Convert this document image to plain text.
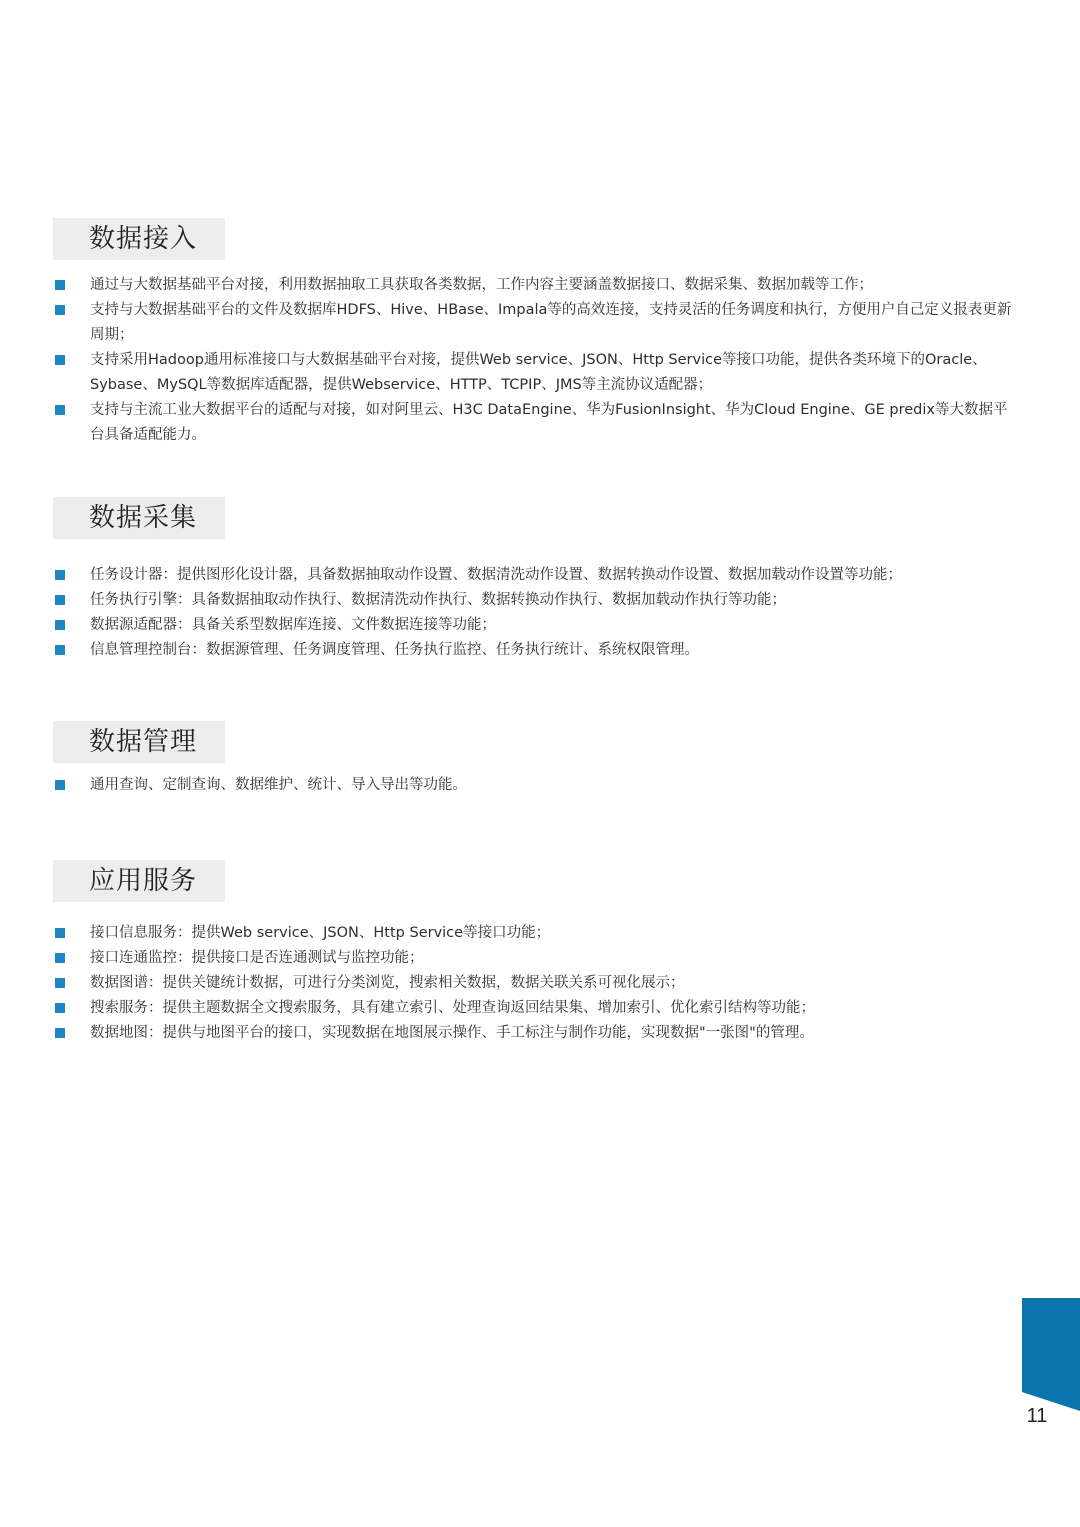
数据接入
通过与大数据基础平台对接，利用数据抽取工具获取各类数据，工作内容主要涵盖数据接口、数据采集、数据加载等工作；
支持与大数据基础平台的文件及数据库HDFS、Hive、HBase、Impala等的高效连接，支持灵活的任务调度和执行，方便用户自己定义报表更新周期；
支持采用Hadoop通用标准接口与大数据基础平台对接，提供Web service、JSON、Http Service等接口功能，提供各类环境下的Oracle、Sybase、MySQL等数据库适配器，提供Webservice、HTTP、TCPIP、JMS等主流协议适配器；
支持与主流工业大数据平台的适配与对接，如对阿里云、H3C DataEngine、华为FusionInsight、华为Cloud Engine、GE predix等大数据平台具备适配能力。
数据采集
任务设计器：提供图形化设计器，具备数据抽取动作设置、数据清洗动作设置、数据转换动作设置、数据加载动作设置等功能；
任务执行引擎：具备数据抽取动作执行、数据清洗动作执行、数据转换动作执行、数据加载动作执行等功能；
数据源适配器：具备关系型数据库连接、文件数据连接等功能；
信息管理控制台：数据源管理、任务调度管理、任务执行监控、任务执行统计、系统权限管理。
数据管理
通用查询、定制查询、数据维护、统计、导入导出等功能。
应用服务
接口信息服务：提供Web service、JSON、Http Service等接口功能；
接口连通监控：提供接口是否连通测试与监控功能；
数据图谱：提供关键统计数据，可进行分类浏览，搜索相关数据，数据关联关系可视化展示；
搜索服务：提供主题数据全文搜索服务，具有建立索引、处理查询返回结果集、增加索引、优化索引结构等功能；
数据地图：提供与地图平台的接口，实现数据在地图展示操作、手工标注与制作功能，实现数据"一张图"的管理。
11
